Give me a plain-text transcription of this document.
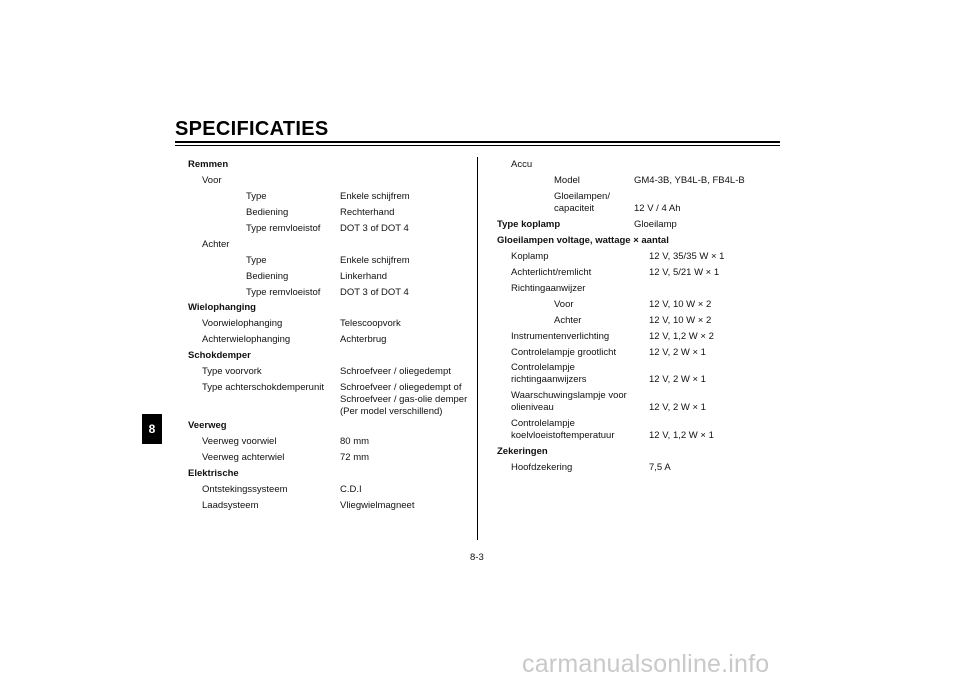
SPECIFICATIES
8
Remmen
Voor
Type	Enkele schijfrem
Bediening	Rechterhand
Type remvloeistof DOT 3 of DOT 4
Achter
Type	Enkele schijfrem
Bediening	Linkerhand
Type remvloeistof DOT 3 of DOT 4
Wielophanging
Voorwielophanging	Telescoopvork
Achterwielophanging	Achterbrug
Schokdemper
Type voorvork	Schroefveer / oliegedempt
Type achterschokdemperunit Schroefveer / oliegedempt of
Schroefveer / gas-olie demper
(Per model verschillend)
Veerweg
Veerweg voorwiel	80 mm
Veerweg achterwiel	72 mm
Elektrische
Ontstekingssysteem	C.D.I
Laadsysteem	Vliegwielmagneet
Accu
Model	GM4-3B, YB4L-B, FB4L-B
Gloeilampen/
capaciteit	12 V / 4 Ah
Type koplamp	Gloeilamp
Gloeilampen voltage, wattage × aantal
Koplamp	12 V, 35/35 W × 1
Achterlicht/remlicht	12 V, 5/21 W × 1
Richtingaanwijzer
Voor	12 V, 10 W × 2
Achter	12 V, 10 W × 2
Instrumentenverlichting	12 V, 1,2 W × 2
Controlelampje grootlicht	12 V, 2 W × 1
Controlelampje
richtingaanwijzers	12 V, 2 W × 1
Waarschuwingslampje voor
olieniveau	12 V, 2 W × 1
Controlelampje
koelvloeistoftemperatuur	12 V, 1,2 W × 1
Zekeringen
Hoofdzekering	7,5 A
8-3
carmanualsonline.info
